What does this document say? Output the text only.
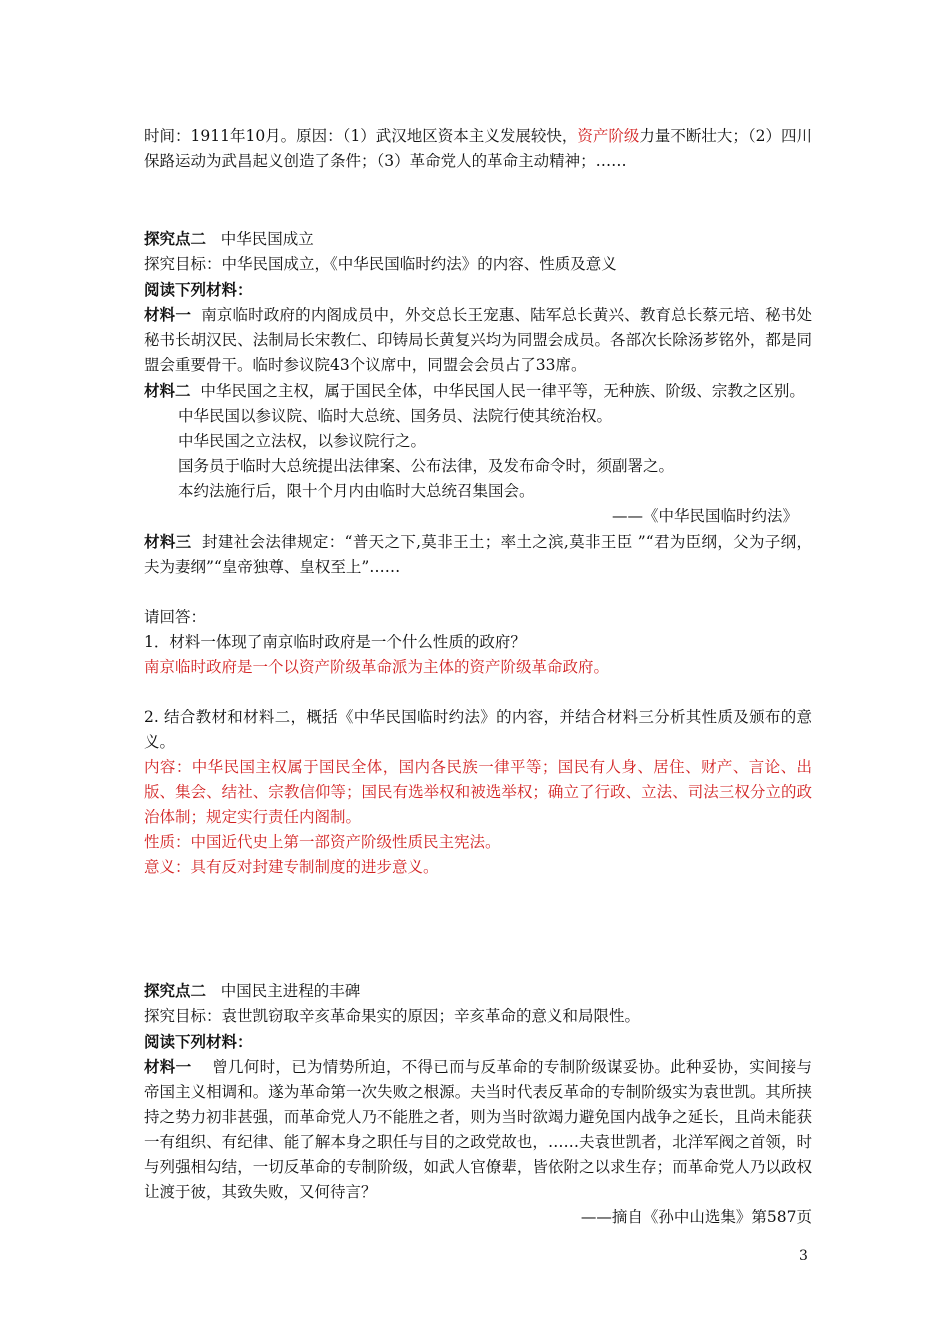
时间：1911年10月。原因：（1）武汉地区资本主义发展较快，资产阶级力量不断壮大；（2）四川保路运动为武昌起义创造了条件；（3）革命党人的革命主动精神；……

探究点二 中华民国成立

探究目标：中华民国成立，《中华民国临时约法》的内容、性质及意义

阅读下列材料：

材料一 南京临时政府的内阁成员中，外交总长王宠惠、陆军总长黄兴、教育总长蔡元培、秘书处秘书长胡汉民、法制局长宋教仁、印铸局长黄复兴均为同盟会成员。各部次长除汤芗铭外，都是同盟会重要骨干。临时参议院43个议席中，同盟会会员占了33席。

材料二 中华民国之主权，属于国民全体，中华民国人民一律平等，无种族、阶级、宗教之区别。

中华民国以参议院、临时大总统、国务员、法院行使其统治权。

中华民国之立法权，以参议院行之。

国务员于临时大总统提出法律案、公布法律，及发布命令时，须副署之。

本约法施行后，限十个月内由临时大总统召集国会。

——《中华民国临时约法》

材料三 封建社会法律规定：“普天之下,莫非王土；率土之滨,莫非王臣 ”“君为臣纲，父为子纲，夫为妻纲”“皇帝独尊、皇权至上”……

请回答：

1．材料一体现了南京临时政府是一个什么性质的政府？

南京临时政府是一个以资产阶级革命派为主体的资产阶级革命政府。

2. 结合教材和材料二，概括《中华民国临时约法》的内容，并结合材料三分析其性质及颁布的意义。

内容：中华民国主权属于国民全体，国内各民族一律平等；国民有人身、居住、财产、言论、出版、集会、结社、宗教信仰等；国民有选举权和被选举权；确立了行政、立法、司法三权分立的政治体制；规定实行责任内阁制。

性质：中国近代史上第一部资产阶级性质民主宪法。

意义：具有反对封建专制制度的进步意义。

探究点二 中国民主进程的丰碑

探究目标：袁世凯窃取辛亥革命果实的原因；辛亥革命的意义和局限性。

阅读下列材料：

材料一 曾几何时，已为情势所迫，不得已而与反革命的专制阶级谋妥协。此种妥协，实间接与帝国主义相调和。遂为革命第一次失败之根源。夫当时代表反革命的专制阶级实为袁世凯。其所挟持之势力初非甚强，而革命党人乃不能胜之者，则为当时欲竭力避免国内战争之延长，且尚未能获一有组织、有纪律、能了解本身之职任与目的之政党故也，……夫袁世凯者，北洋军阀之首领，时与列强相勾结，一切反革命的专制阶级，如武人官僚辈，皆依附之以求生存；而革命党人乃以政权让渡于彼，其致失败，又何待言？

——摘自《孙中山选集》第587页

3
